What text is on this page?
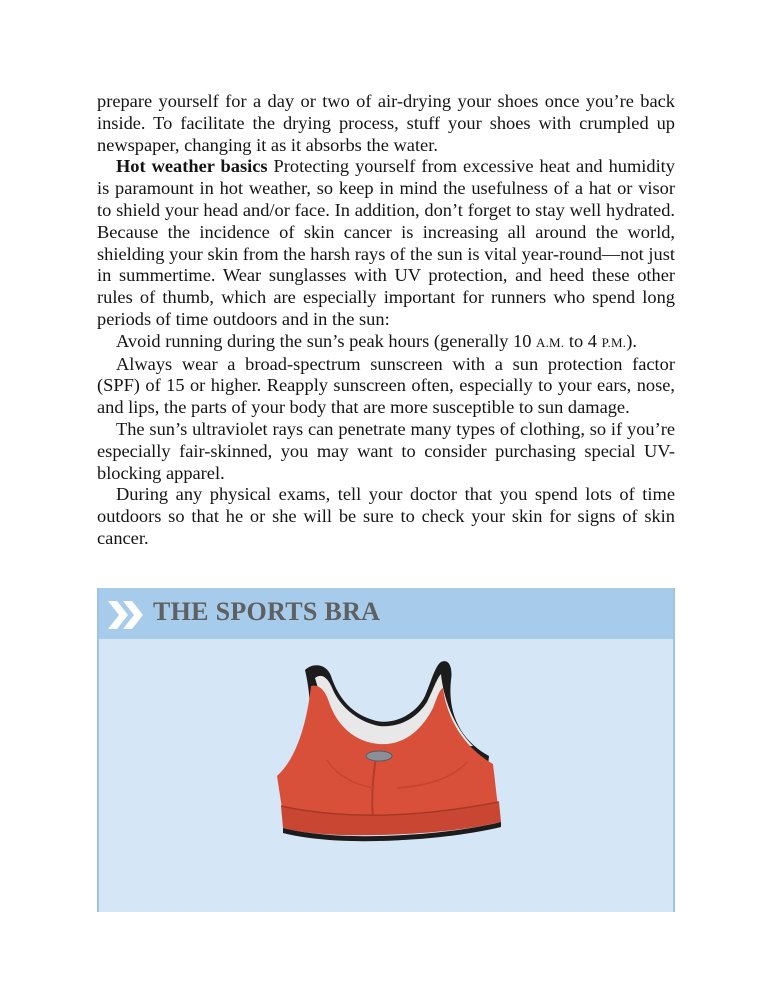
prepare yourself for a day or two of air-drying your shoes once you’re back inside. To facilitate the drying process, stuff your shoes with crumpled up newspaper, changing it as it absorbs the water.

Hot weather basics Protecting yourself from excessive heat and humidity is paramount in hot weather, so keep in mind the usefulness of a hat or visor to shield your head and/or face. In addition, don’t forget to stay well hydrated. Because the incidence of skin cancer is increasing all around the world, shielding your skin from the harsh rays of the sun is vital year-round—not just in summertime. Wear sunglasses with UV protection, and heed these other rules of thumb, which are especially important for runners who spend long periods of time outdoors and in the sun:

Avoid running during the sun’s peak hours (generally 10 A.M. to 4 P.M.).

Always wear a broad-spectrum sunscreen with a sun protection factor (SPF) of 15 or higher. Reapply sunscreen often, especially to your ears, nose, and lips, the parts of your body that are more susceptible to sun damage.

The sun’s ultraviolet rays can penetrate many types of clothing, so if you’re especially fair-skinned, you may want to consider purchasing special UV-blocking apparel.

During any physical exams, tell your doctor that you spend lots of time outdoors so that he or she will be sure to check your skin for signs of skin cancer.

THE SPORTS BRA
